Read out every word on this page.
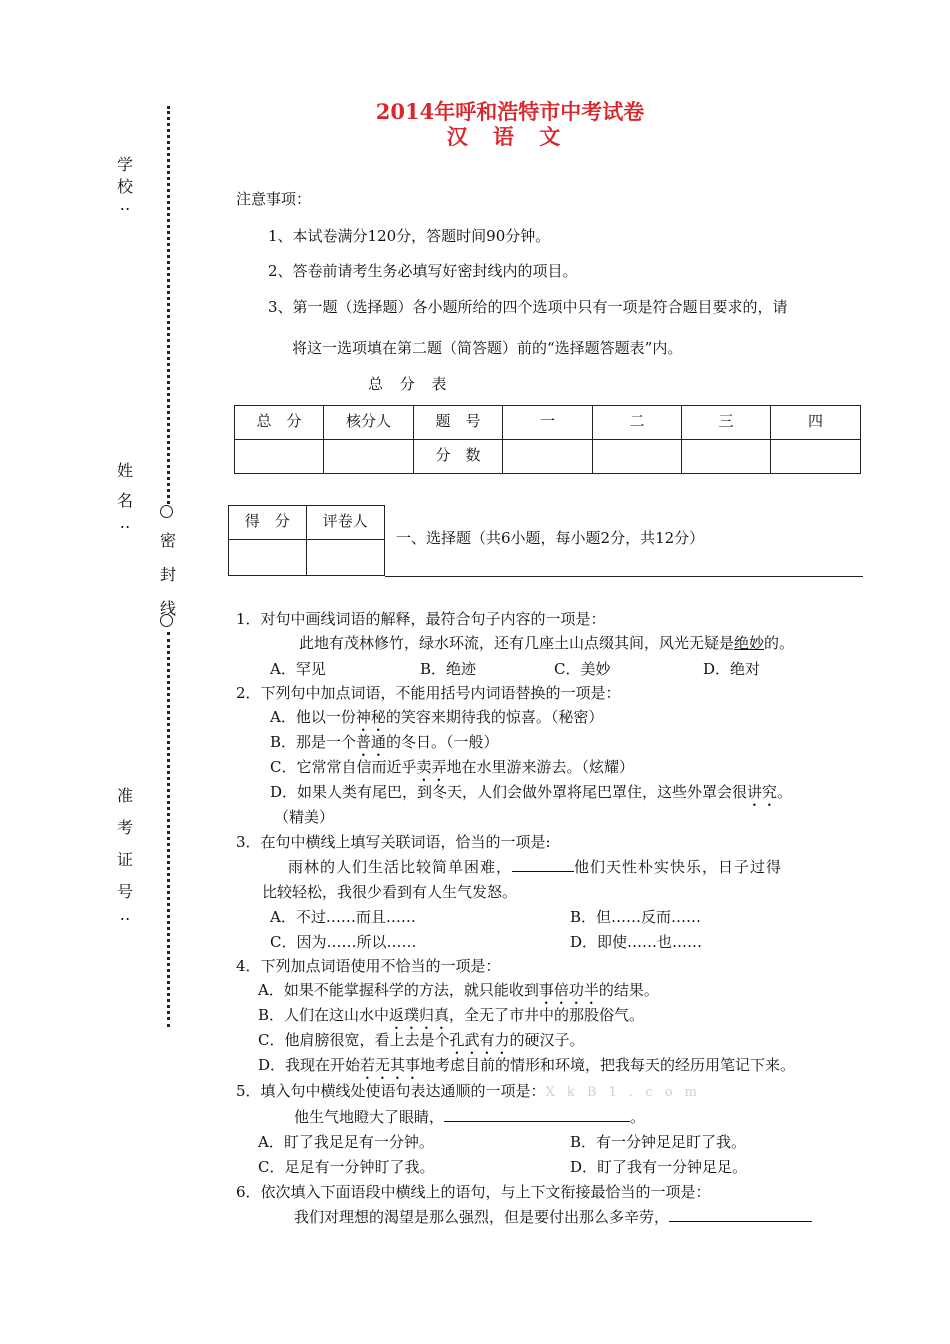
2014年呼和浩特市中考试卷
汉 语 文
学
校
‥
姓
名
‥
准
考
证
号
‥
密
封
线
注意事项：
1、本试卷满分120分，答题时间90分钟。
2、答卷前请考生务必填写好密封线内的项目。
3、第一题（选择题）各小题所给的四个选项中只有一项是符合题目要求的，请
将这一选项填在第二题（简答题）前的“选择题答题表”内。
总 分 表
总　分	核分人	题　号	一	二	三	四
		分　数				
得　分	评卷人

一、选择题（共6小题，每小题2分，共12分）
1．对句中画线词语的解释，最符合句子内容的一项是：
此地有茂林修竹，绿水环流，还有几座土山点缀其间，风光无疑是绝妙的。
A．罕见	B．绝迹	C．美妙	D．绝对
2．下列句中加点词语，不能用括号内词语替换的一项是：
A．他以一份神秘的笑容来期待我的惊喜。（秘密）
B．那是一个普通的冬日。（一般）
C．它常常自信而近乎卖弄地在水里游来游去。（炫耀）
D．如果人类有尾巴，到冬天，人们会做外罩将尾巴罩住，这些外罩会很讲究。
（精美）
3．在句中横线上填写关联词语，恰当的一项是:
雨林的人们生活比较简单困难，	他们天性朴实快乐，日子过得
比较轻松，我很少看到有人生气发怒。
A．不过……而且……	B．但……反而……
C．因为……所以……	D．即使……也……
4．下列加点词语使用不恰当的一项是：
A．如果不能掌握科学的方法，就只能收到事倍功半的结果。
B．人们在这山水中返璞归真，全无了市井中的那股俗气。
C．他肩膀很宽，看上去是个孔武有力的硬汉子。
D．我现在开始若无其事地考虑目前的情形和环境，把我每天的经历用笔记下来。
5．填入句中横线处使语句表达通顺的一项是：X k B 1 . c o m
他生气地瞪大了眼睛，	。
A．盯了我足足有一分钟。	B．有一分钟足足盯了我。
C．足足有一分钟盯了我。	D．盯了我有一分钟足足。
6．依次填入下面语段中横线上的语句，与上下文衔接最恰当的一项是：
我们对理想的渴望是那么强烈，但是要付出那么多辛劳，
